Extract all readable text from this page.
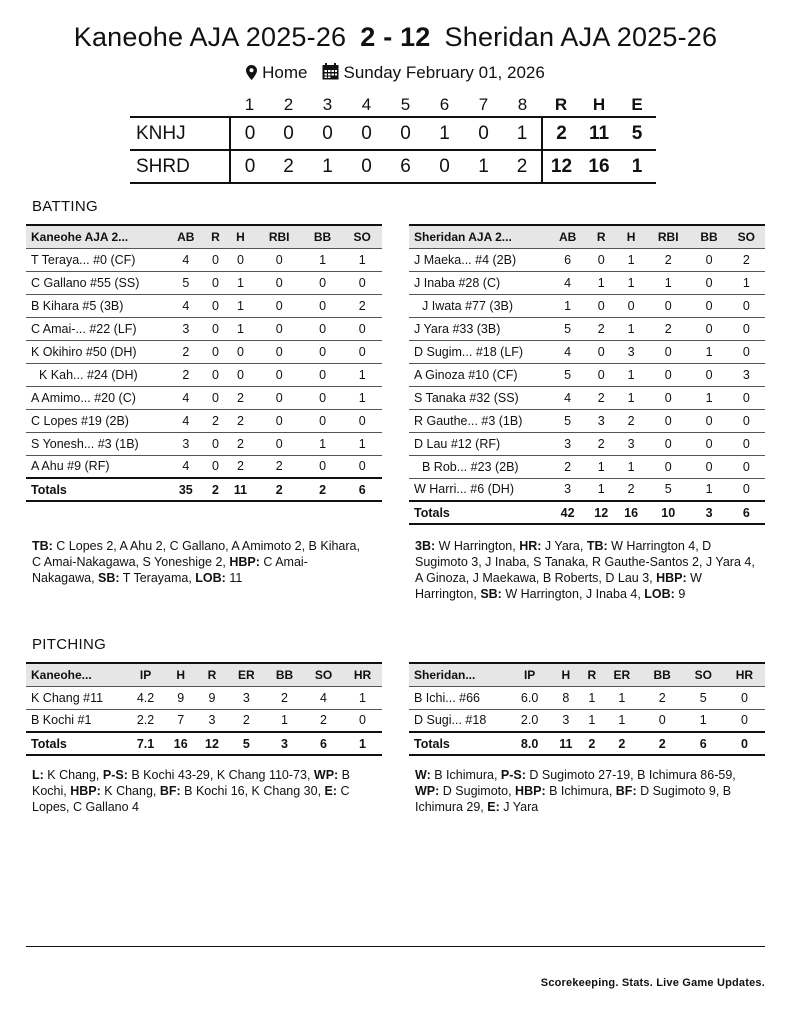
Kaneohe AJA 2025-26 2 - 12 Sheridan AJA 2025-26
Home Sunday February 01, 2026
	1	2	3	4	5	6	7	8	R	H	E
KNHJ	0	0	0	0	0	1	0	1	2	11	5
SHRD	0	2	1	0	6	0	1	2	12	16	1
BATTING
Kaneohe AJA 2...	AB	R	H	RBI	BB	SO
T Teraya... #0 (CF)	4	0	0	0	1	1
C Gallano #55 (SS)	5	0	1	0	0	0
B Kihara #5 (3B)	4	0	1	0	0	2
C Amai-... #22 (LF)	3	0	1	0	0	0
K Okihiro #50 (DH)	2	0	0	0	0	0
K Kah... #24 (DH)	2	0	0	0	0	1
A Amimo... #20 (C)	4	0	2	0	0	1
C Lopes #19 (2B)	4	2	2	0	0	0
S Yonesh... #3 (1B)	3	0	2	0	1	1
A Ahu #9 (RF)	4	0	2	2	0	0
Totals	35	2	11	2	2	6
Sheridan AJA 2...	AB	R	H	RBI	BB	SO
J Maeka... #4 (2B)	6	0	1	2	0	2
J Inaba #28 (C)	4	1	1	1	0	1
J Iwata #77 (3B)	1	0	0	0	0	0
J Yara #33 (3B)	5	2	1	2	0	0
D Sugim... #18 (LF)	4	0	3	0	1	0
A Ginoza #10 (CF)	5	0	1	0	0	3
S Tanaka #32 (SS)	4	2	1	0	1	0
R Gauthe... #3 (1B)	5	3	2	0	0	0
D Lau #12 (RF)	3	2	3	0	0	0
B Rob... #23 (2B)	2	1	1	0	0	0
W Harri... #6 (DH)	3	1	2	5	1	0
Totals	42	12	16	10	3	6
TB: C Lopes 2, A Ahu 2, C Gallano, A Amimoto 2, B Kihara, C Amai-Nakagawa, S Yoneshige 2, HBP: C Amai-Nakagawa, SB: T Terayama, LOB: 11
3B: W Harrington, HR: J Yara, TB: W Harrington 4, D Sugimoto 3, J Inaba, S Tanaka, R Gauthe-Santos 2, J Yara 4, A Ginoza, J Maekawa, B Roberts, D Lau 3, HBP: W Harrington, SB: W Harrington, J Inaba 4, LOB: 9
PITCHING
Kaneohe...	IP	H	R	ER	BB	SO	HR
K Chang #11	4.2	9	9	3	2	4	1
B Kochi #1	2.2	7	3	2	1	2	0
Totals	7.1	16	12	5	3	6	1
Sheridan...	IP	H	R	ER	BB	SO	HR
B Ichi... #66	6.0	8	1	1	2	5	0
D Sugi... #18	2.0	3	1	1	0	1	0
Totals	8.0	11	2	2	2	6	0
L: K Chang, P-S: B Kochi 43-29, K Chang 110-73, WP: B Kochi, HBP: K Chang, BF: B Kochi 16, K Chang 30, E: C Lopes, C Gallano 4
W: B Ichimura, P-S: D Sugimoto 27-19, B Ichimura 86-59, WP: D Sugimoto, HBP: B Ichimura, BF: D Sugimoto 9, B Ichimura 29, E: J Yara
Scorekeeping. Stats. Live Game Updates.
